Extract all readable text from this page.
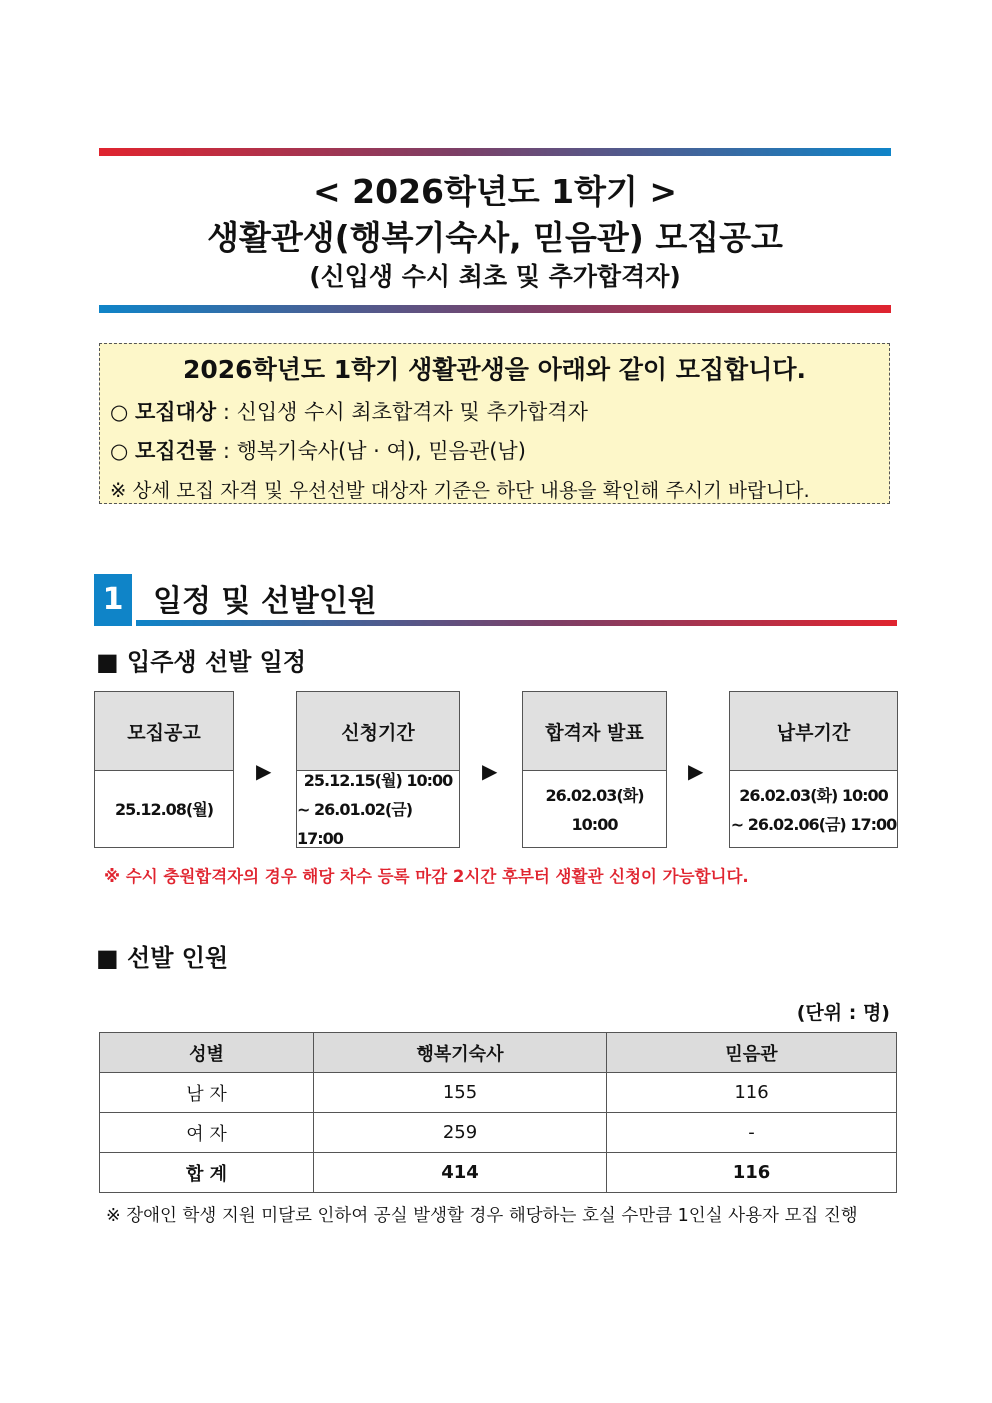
< 2026학년도 1학기 >
생활관생(행복기숙사, 믿음관) 모집공고
(신입생 수시 최초 및 추가합격자)
2026학년도 1학기 생활관생을 아래와 같이 모집합니다.
○ 모집대상 : 신입생 수시 최초합격자 및 추가합격자
○ 모집건물 : 행복기숙사(남 · 여), 믿음관(남)
※ 상세 모집 자격 및 우선선발 대상자 기준은 하단 내용을 확인해 주시기 바랍니다.
1 일정 및 선발인원
■ 입주생 선발 일정
모집공고
25.12.08(월)
▶
신청기간
25.12.15(월) 10:00
~ 26.01.02(금) 17:00
▶
합격자 발표
26.02.03(화)
10:00
▶
납부기간
26.02.03(화) 10:00
~ 26.02.06(금) 17:00
※ 수시 충원합격자의 경우 해당 차수 등록 마감 2시간 후부터 생활관 신청이 가능합니다.
■ 선발 인원
(단위 : 명)
성별	행복기숙사	믿음관
남 자	155	116
여 자	259	-
합 계	414	116
※ 장애인 학생 지원 미달로 인하여 공실 발생할 경우 해당하는 호실 수만큼 1인실 사용자 모집 진행
